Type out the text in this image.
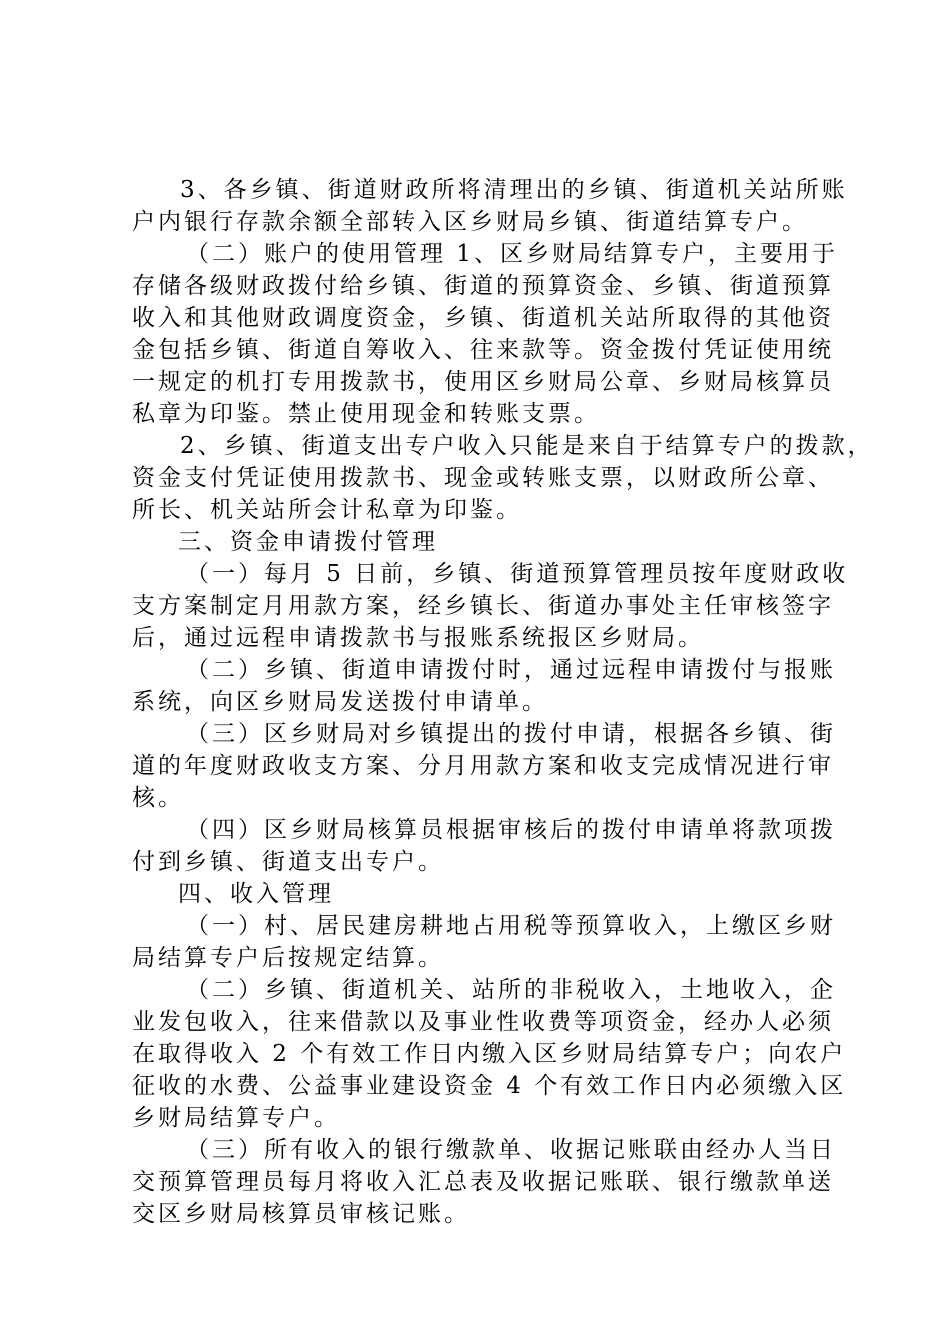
3、各乡镇、街道财政所将清理出的乡镇、街道机关站所账
户内银行存款余额全部转入区乡财局乡镇、街道结算专户。
（二）账户的使用管理 1、区乡财局结算专户，主要用于
存储各级财政拨付给乡镇、街道的预算资金、乡镇、街道预算
收入和其他财政调度资金，乡镇、街道机关站所取得的其他资
金包括乡镇、街道自筹收入、往来款等。资金拨付凭证使用统
一规定的机打专用拨款书，使用区乡财局公章、乡财局核算员
私章为印鉴。禁止使用现金和转账支票。
2、乡镇、街道支出专户收入只能是来自于结算专户的拨款，
资金支付凭证使用拨款书、现金或转账支票，以财政所公章、
所长、机关站所会计私章为印鉴。
三、资金申请拨付管理
（一）每月 5 日前，乡镇、街道预算管理员按年度财政收
支方案制定月用款方案，经乡镇长、街道办事处主任审核签字
后，通过远程申请拨款书与报账系统报区乡财局。
（二）乡镇、街道申请拨付时，通过远程申请拨付与报账
系统，向区乡财局发送拨付申请单。
（三）区乡财局对乡镇提出的拨付申请，根据各乡镇、街
道的年度财政收支方案、分月用款方案和收支完成情况进行审
核。
（四）区乡财局核算员根据审核后的拨付申请单将款项拨
付到乡镇、街道支出专户。
四、收入管理
（一）村、居民建房耕地占用税等预算收入，上缴区乡财
局结算专户后按规定结算。
（二）乡镇、街道机关、站所的非税收入，土地收入，企
业发包收入，往来借款以及事业性收费等项资金，经办人必须
在取得收入 2 个有效工作日内缴入区乡财局结算专户；向农户
征收的水费、公益事业建设资金 4 个有效工作日内必须缴入区
乡财局结算专户。
（三）所有收入的银行缴款单、收据记账联由经办人当日
交预算管理员每月将收入汇总表及收据记账联、银行缴款单送
交区乡财局核算员审核记账。
